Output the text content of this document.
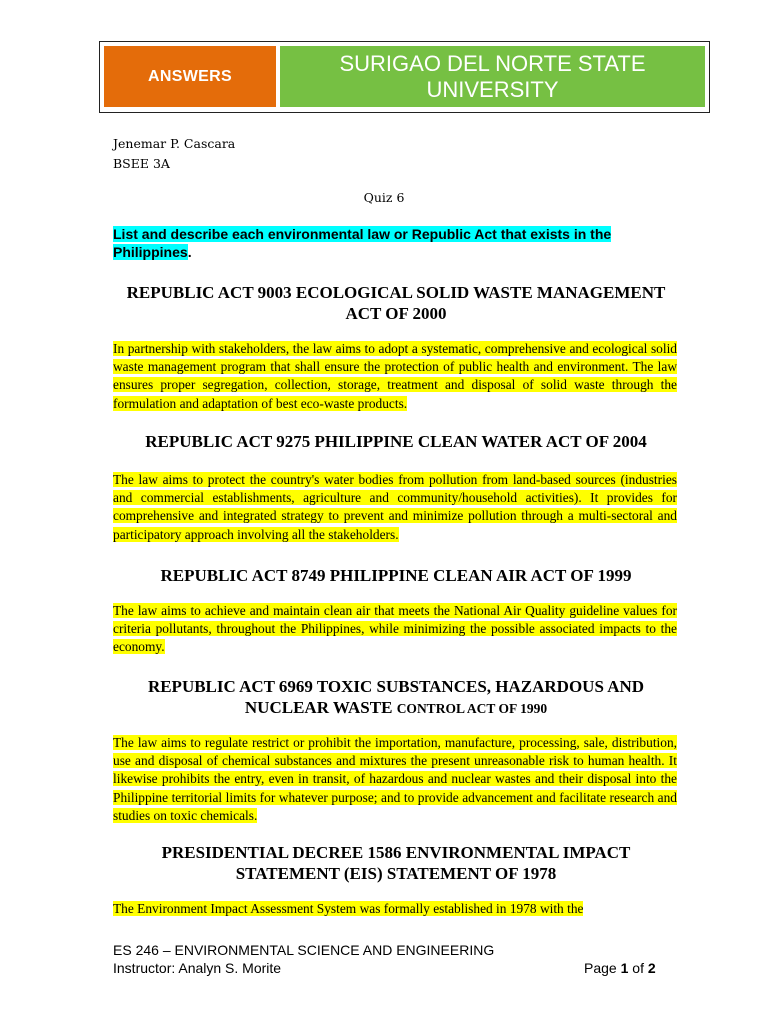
ANSWERS
SURIGAO DEL NORTE STATE
UNIVERSITY
Jenemar P. Cascara
BSEE 3A
Quiz 6
List and describe each environmental law or Republic Act that exists in the Philippines.
REPUBLIC ACT 9003 ECOLOGICAL SOLID WASTE MANAGEMENT ACT OF 2000
In partnership with stakeholders, the law aims to adopt a systematic, comprehensive and ecological solid waste management program that shall ensure the protection of public health and environment. The law ensures proper segregation, collection, storage, treatment and disposal of solid waste through the formulation and adaptation of best eco-waste products.
REPUBLIC ACT 9275 PHILIPPINE CLEAN WATER ACT OF 2004
The law aims to protect the country's water bodies from pollution from land-based sources (industries and commercial establishments, agriculture and community/household activities). It provides for comprehensive and integrated strategy to prevent and minimize pollution through a multi-sectoral and participatory approach involving all the stakeholders.
REPUBLIC ACT 8749 PHILIPPINE CLEAN AIR ACT OF 1999
The law aims to achieve and maintain clean air that meets the National Air Quality guideline values for criteria pollutants, throughout the Philippines, while minimizing the possible associated impacts to the economy.
REPUBLIC ACT 6969 TOXIC SUBSTANCES, HAZARDOUS AND NUCLEAR WASTE CONTROL ACT OF 1990
The law aims to regulate restrict or prohibit the importation, manufacture, processing, sale, distribution, use and disposal of chemical substances and mixtures the present unreasonable risk to human health. It likewise prohibits the entry, even in transit, of hazardous and nuclear wastes and their disposal into the Philippine territorial limits for whatever purpose; and to provide advancement and facilitate research and studies on toxic chemicals.
PRESIDENTIAL DECREE 1586 ENVIRONMENTAL IMPACT STATEMENT (EIS) STATEMENT OF 1978
The Environment Impact Assessment System was formally established in 1978 with the
ES 246 – ENVIRONMENTAL SCIENCE AND ENGINEERING
Instructor: Analyn S. Morite	Page 1 of 2
